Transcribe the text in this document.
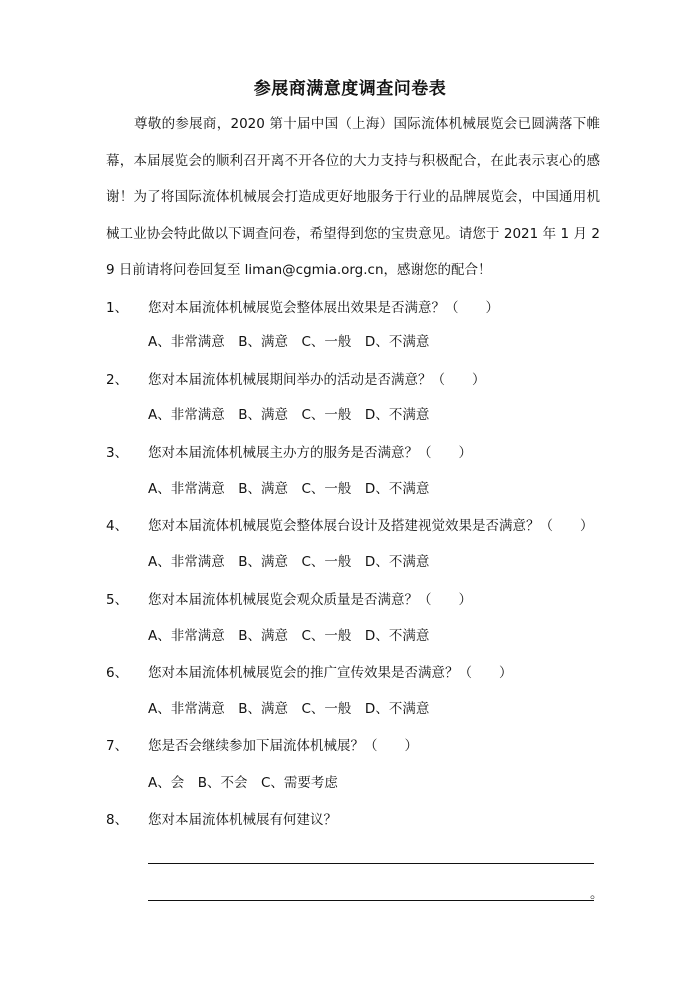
参展商满意度调查问卷表
尊敬的参展商，2020 第十届中国（上海）国际流体机械展览会已圆满落下帷幕，本届展览会的顺利召开离不开各位的大力支持与积极配合，在此表示衷心的感谢！为了将国际流体机械展会打造成更好地服务于行业的品牌展览会，中国通用机械工业协会特此做以下调查问卷，希望得到您的宝贵意见。请您于 2021 年 1 月 29 日前请将问卷回复至 liman@cgmia.org.cn，感谢您的配合！
1、 您对本届流体机械展览会整体展出效果是否满意？（　　）
A、非常满意　B、满意　C、一般　D、不满意
2、 您对本届流体机械展期间举办的活动是否满意？（　　）
A、非常满意　B、满意　C、一般　D、不满意
3、 您对本届流体机械展主办方的服务是否满意？（　　）
A、非常满意　B、满意　C、一般　D、不满意
4、 您对本届流体机械展览会整体展台设计及搭建视觉效果是否满意？（　　）
A、非常满意　B、满意　C、一般　D、不满意
5、 您对本届流体机械展览会观众质量是否满意？（　　）
A、非常满意　B、满意　C、一般　D、不满意
6、 您对本届流体机械展览会的推广宣传效果是否满意？（　　）
A、非常满意　B、满意　C、一般　D、不满意
7、 您是否会继续参加下届流体机械展？（　　）
A、会　B、不会　C、需要考虑
8、 您对本届流体机械展有何建议？
。
